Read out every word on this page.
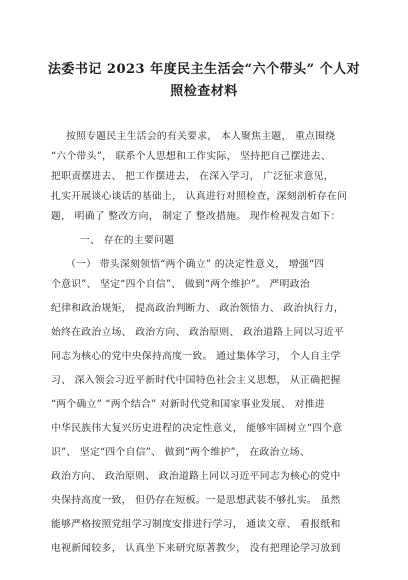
法委书记 2023 年度民主生活会“六个带头” 个人对
照检查材料
按照专题民主生活会的有关要求， 本人聚焦主题， 重点围绕
“六个带头”， 联系个人思想和工作实际， 坚持把自己摆进去、
把职责摆进去、 把工作摆进去， 在深入学习， 广泛征求意见，
扎实开展谈心谈话的基础上， 认真进行对照检查，深刻剖析存在问
题， 明确了 整改方向， 制定了 整改措施。 现作检视发言如下：
一、 存在的主要问题
（一） 带头深刻领悟“两个确立” 的决定性意义， 增强“四
个意识”、 坚定“四个自信”、 做到“两个维护”。 严明政治
纪律和政治规矩， 提高政治判断力、 政治领悟力、 政治执行力，
始终在政治立场、 政治方向、 政治原则、 政治道路上同以习近平
同志为核心的党中央保持高度一致。 通过集体学习， 个人自主学
习、 深入领会习近平新时代中国特色社会主义思想， 从正确把握
“两个确立” “两个结合” 对新时代党和国家事业发展、 对推进
中华民族伟大复兴历史进程的决定性意义， 能够牢固树立“四个意
识”、 坚定“四个自信”、 做到“两个维护”， 在政治立场、
政治方向、 政治原则、 政治道路上同以习近平同志为核心的党中
央保持高度一致， 但仍存在短板。一是思想武装不够扎实。 虽然
能够严格按照党组学习制度安排进行学习， 通读文章、 看报纸和
电视新闻较多， 认真坐下来研究原著教少， 没有把理论学习放到
